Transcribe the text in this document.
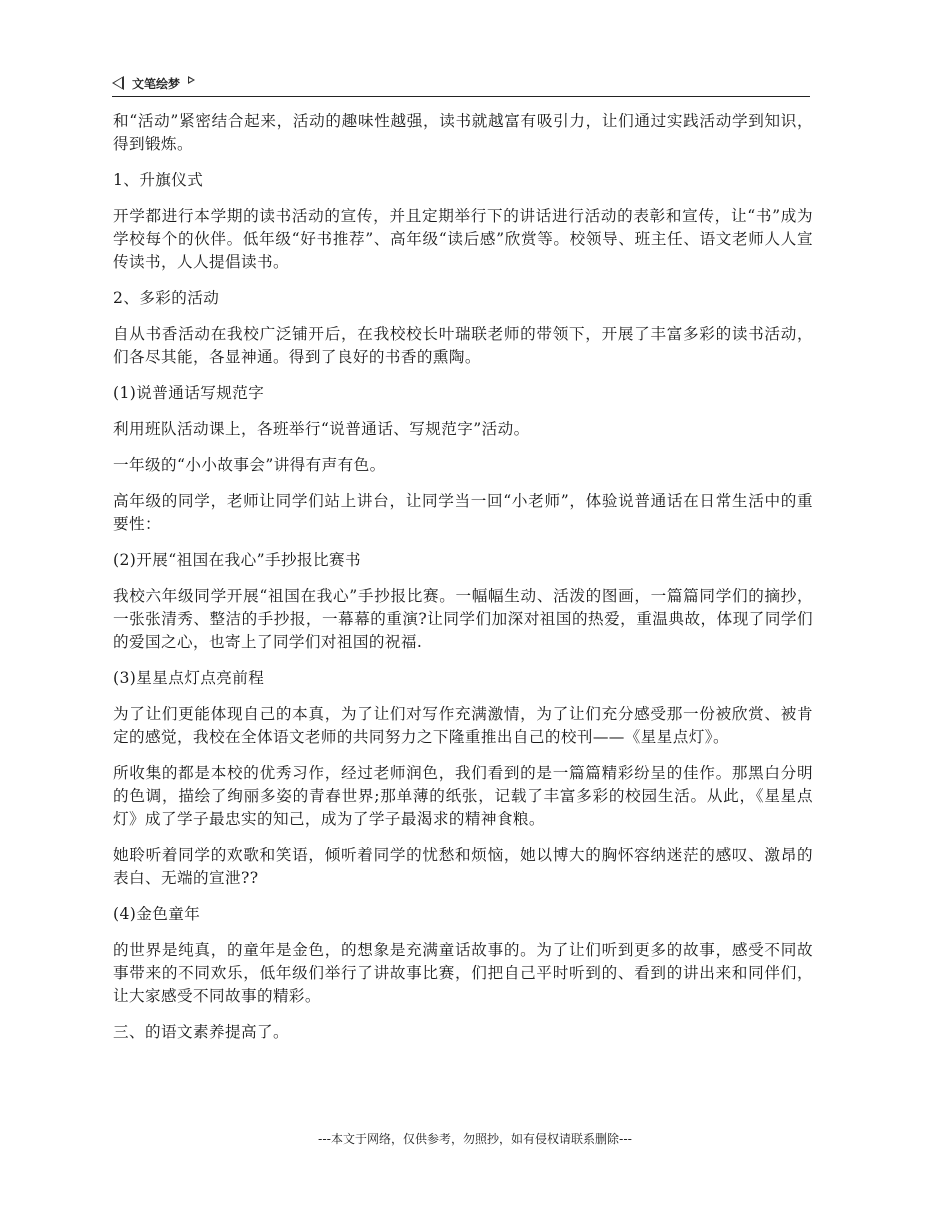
文笔绘梦

和“活动”紧密结合起来，活动的趣味性越强，读书就越富有吸引力，让们通过实践活动学到知识，得到锻炼。

1、升旗仪式

开学都进行本学期的读书活动的宣传，并且定期举行下的讲话进行活动的表彰和宣传，让“书”成为学校每个的伙伴。低年级“好书推荐”、高年级“读后感”欣赏等。校领导、班主任、语文老师人人宣传读书，人人提倡读书。

2、多彩的活动

自从书香活动在我校广泛铺开后，在我校校长叶瑞联老师的带领下，开展了丰富多彩的读书活动，们各尽其能，各显神通。得到了良好的书香的熏陶。

(1)说普通话写规范字

利用班队活动课上，各班举行“说普通话、写规范字”活动。

一年级的“小小故事会”讲得有声有色。

高年级的同学，老师让同学们站上讲台，让同学当一回“小老师”，体验说普通话在日常生活中的重要性：

(2)开展“祖国在我心”手抄报比赛书

我校六年级同学开展“祖国在我心”手抄报比赛。一幅幅生动、活泼的图画，一篇篇同学们的摘抄，一张张清秀、整洁的手抄报，一幕幕的重演?让同学们加深对祖国的热爱，重温典故，体现了同学们的爱国之心，也寄上了同学们对祖国的祝福.

(3)星星点灯点亮前程

为了让们更能体现自己的本真，为了让们对写作充满激情，为了让们充分感受那一份被欣赏、被肯定的感觉，我校在全体语文老师的共同努力之下隆重推出自己的校刊——《星星点灯》。

所收集的都是本校的优秀习作，经过老师润色，我们看到的是一篇篇精彩纷呈的佳作。那黑白分明的色调，描绘了绚丽多姿的青春世界;那单薄的纸张，记载了丰富多彩的校园生活。从此，《星星点灯》成了学子最忠实的知己，成为了学子最渴求的精神食粮。

她聆听着同学的欢歌和笑语，倾听着同学的忧愁和烦恼，她以博大的胸怀容纳迷茫的感叹、激昂的表白、无端的宣泄??

(4)金色童年

的世界是纯真，的童年是金色，的想象是充满童话故事的。为了让们听到更多的故事，感受不同故事带来的不同欢乐，低年级们举行了讲故事比赛，们把自己平时听到的、看到的讲出来和同伴们，让大家感受不同故事的精彩。

三、的语文素养提高了。

---本文于网络，仅供参考，勿照抄，如有侵权请联系删除---
